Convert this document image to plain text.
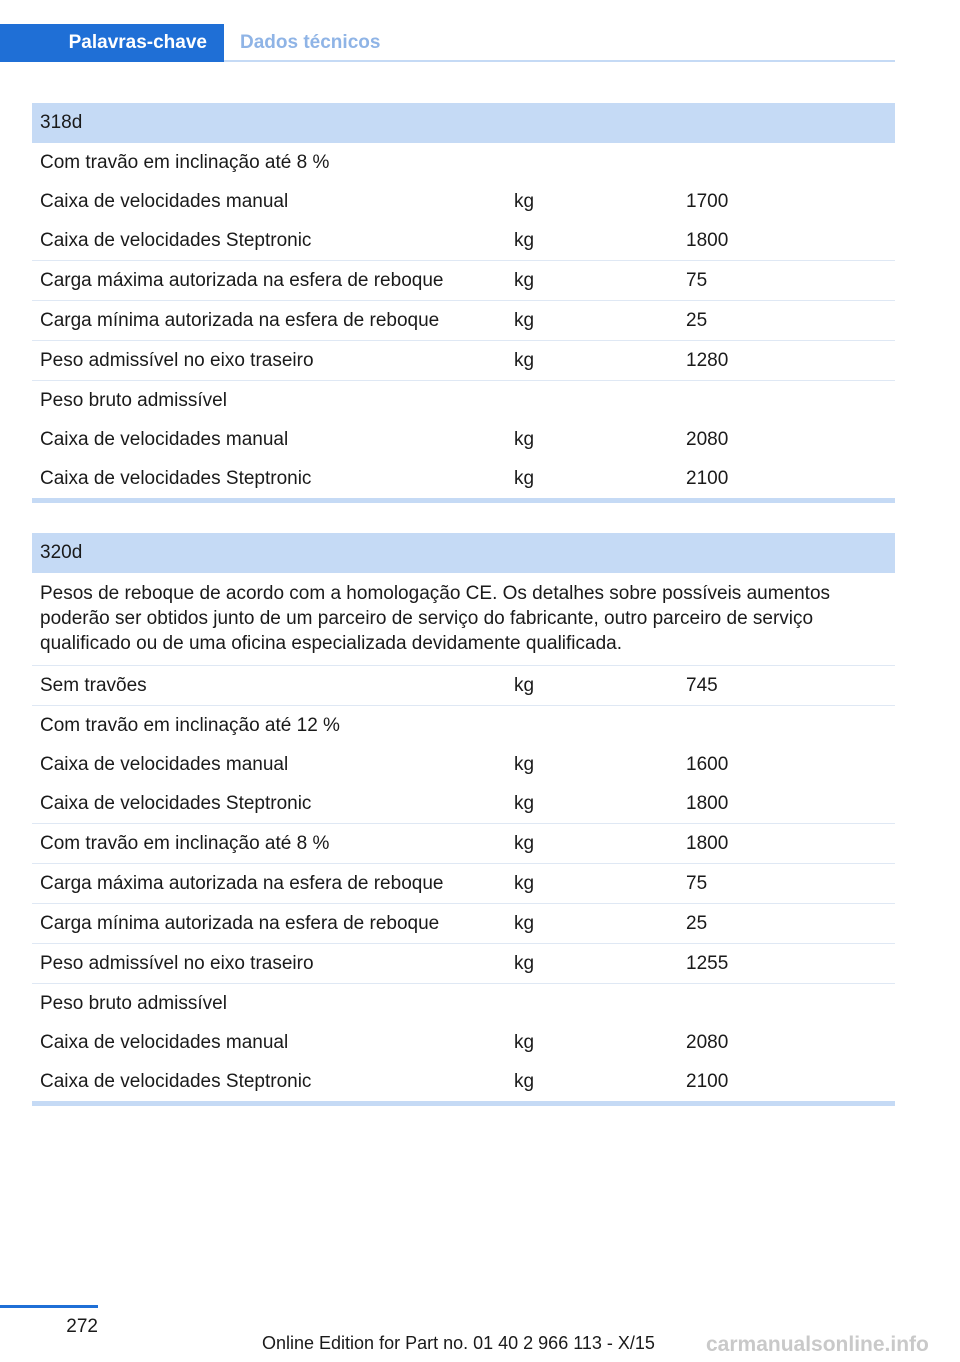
Palavras-chave	Dados técnicos
318d
Com travão em inclinação até 8 %
Caixa de velocidades manual	kg	1700
Caixa de velocidades Steptronic	kg	1800
Carga máxima autorizada na esfera de reboque	kg	75
Carga mínima autorizada na esfera de reboque	kg	25
Peso admissível no eixo traseiro	kg	1280
Peso bruto admissível
Caixa de velocidades manual	kg	2080
Caixa de velocidades Steptronic	kg	2100
320d
Pesos de reboque de acordo com a homologação CE. Os detalhes sobre possíveis aumentos poderão ser obtidos junto de um parceiro de serviço do fabricante, outro parceiro de serviço qualificado ou de uma oficina especializada devidamente qualificada.
Sem travões	kg	745
Com travão em inclinação até 12 %
Caixa de velocidades manual	kg	1600
Caixa de velocidades Steptronic	kg	1800
Com travão em inclinação até 8 %	kg	1800
Carga máxima autorizada na esfera de reboque	kg	75
Carga mínima autorizada na esfera de reboque	kg	25
Peso admissível no eixo traseiro	kg	1255
Peso bruto admissível
Caixa de velocidades manual	kg	2080
Caixa de velocidades Steptronic	kg	2100
272
Online Edition for Part no. 01 40 2 966 113 - X/15 carmanualsonline.info
